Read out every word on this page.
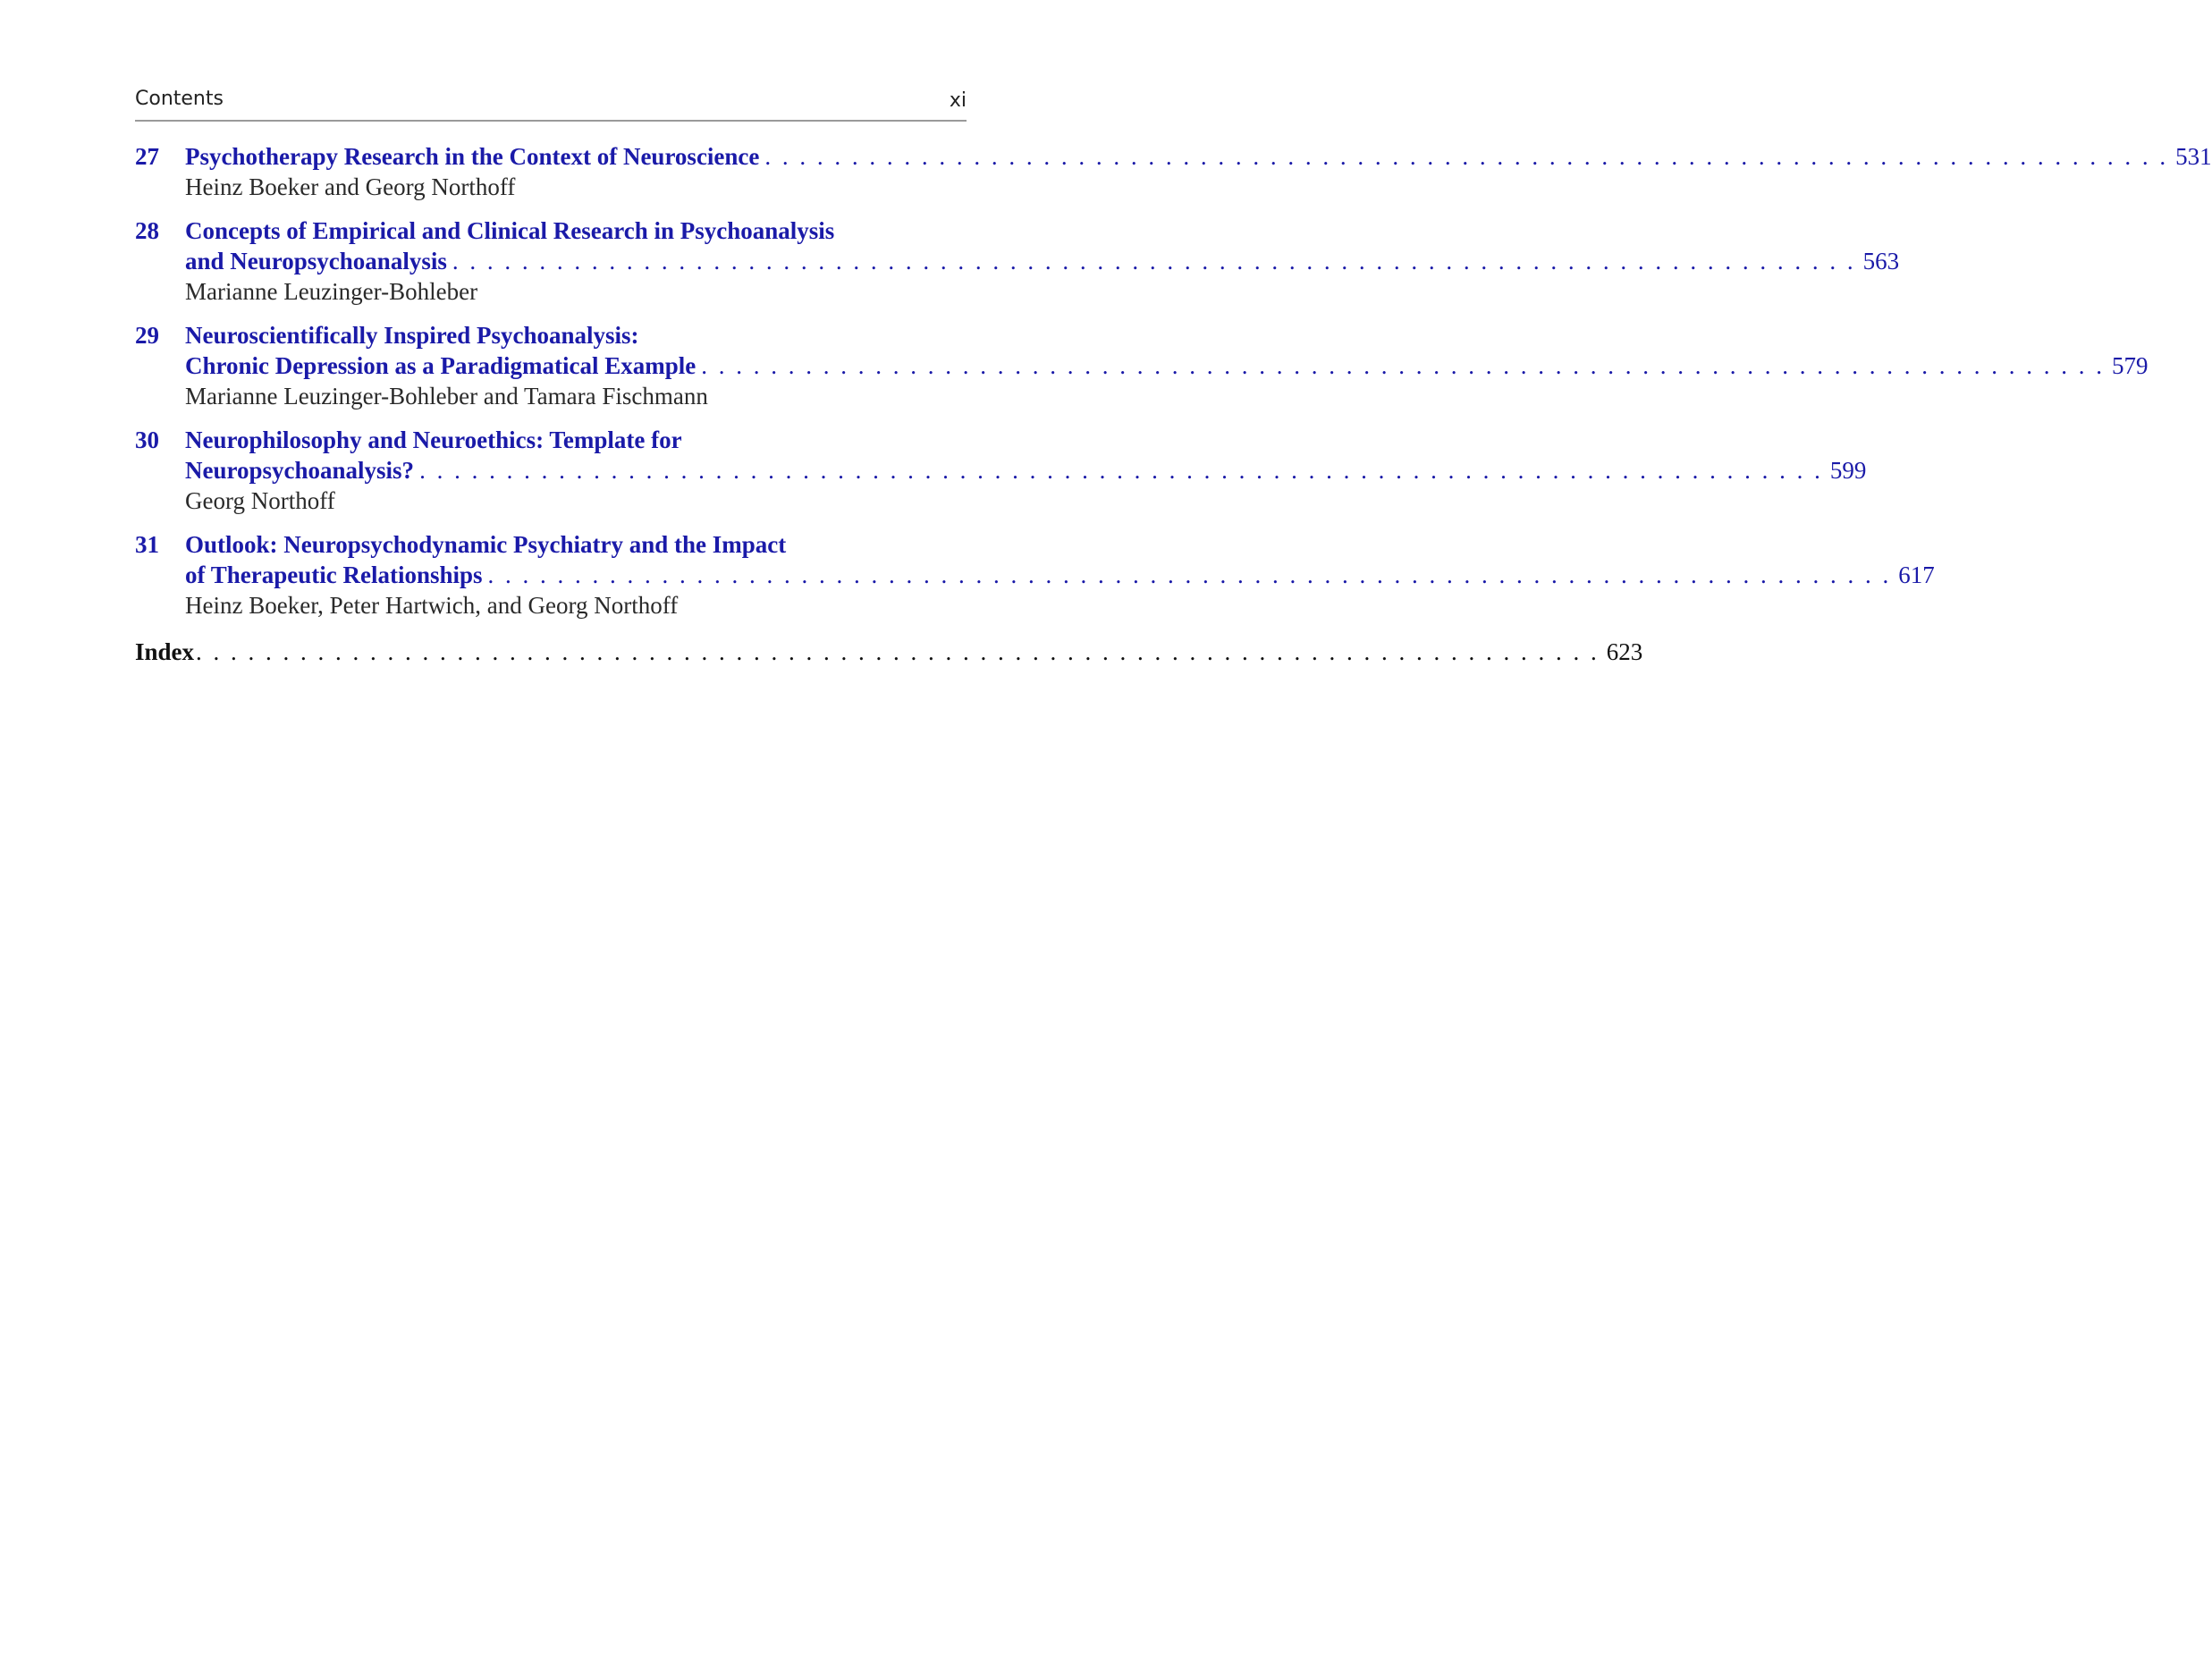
Contents	xi
27 Psychotherapy Research in the Context of Neuroscience . . . . . . . . . . . . . . . . . . . . . . . . . . . . . . . . . . . . . . . . . . . . . . . . . . . . . . . . . . . . . . . . . . . . . . . . . . . . . . . . . 531
Heinz Boeker and Georg Northoff
28 Concepts of Empirical and Clinical Research in Psychoanalysis
and Neuropsychoanalysis . . . . . . . . . . . . . . . . . . . . . . . . . . . . . . . . . . . . . . . . . . . . . . . . . . . . . . . . . . . . . . . . . . . . . . . . . . . . . . . . . 563
Marianne Leuzinger-Bohleber
29 Neuroscientifically Inspired Psychoanalysis:
Chronic Depression as a Paradigmatical Example . . . . . . . . . . . . . . . . . . . . . . . . . . . . . . . . . . . . . . . . . . . . . . . . . . . . . . . . . . . . . . . . . . . . . . . . . . . . . . . . . 579
Marianne Leuzinger-Bohleber and Tamara Fischmann
30 Neurophilosophy and Neuroethics: Template for
Neuropsychoanalysis? . . . . . . . . . . . . . . . . . . . . . . . . . . . . . . . . . . . . . . . . . . . . . . . . . . . . . . . . . . . . . . . . . . . . . . . . . . . . . . . . . 599
Georg Northoff
31 Outlook: Neuropsychodynamic Psychiatry and the Impact
of Therapeutic Relationships . . . . . . . . . . . . . . . . . . . . . . . . . . . . . . . . . . . . . . . . . . . . . . . . . . . . . . . . . . . . . . . . . . . . . . . . . . . . . . . . . 617
Heinz Boeker, Peter Hartwich, and Georg Northoff
Index . . . . . . . . . . . . . . . . . . . . . . . . . . . . . . . . . . . . . . . . . . . . . . . . . . . . . . . . . . . . . . . . . . . . . . . . . . . . . . . . . 623
